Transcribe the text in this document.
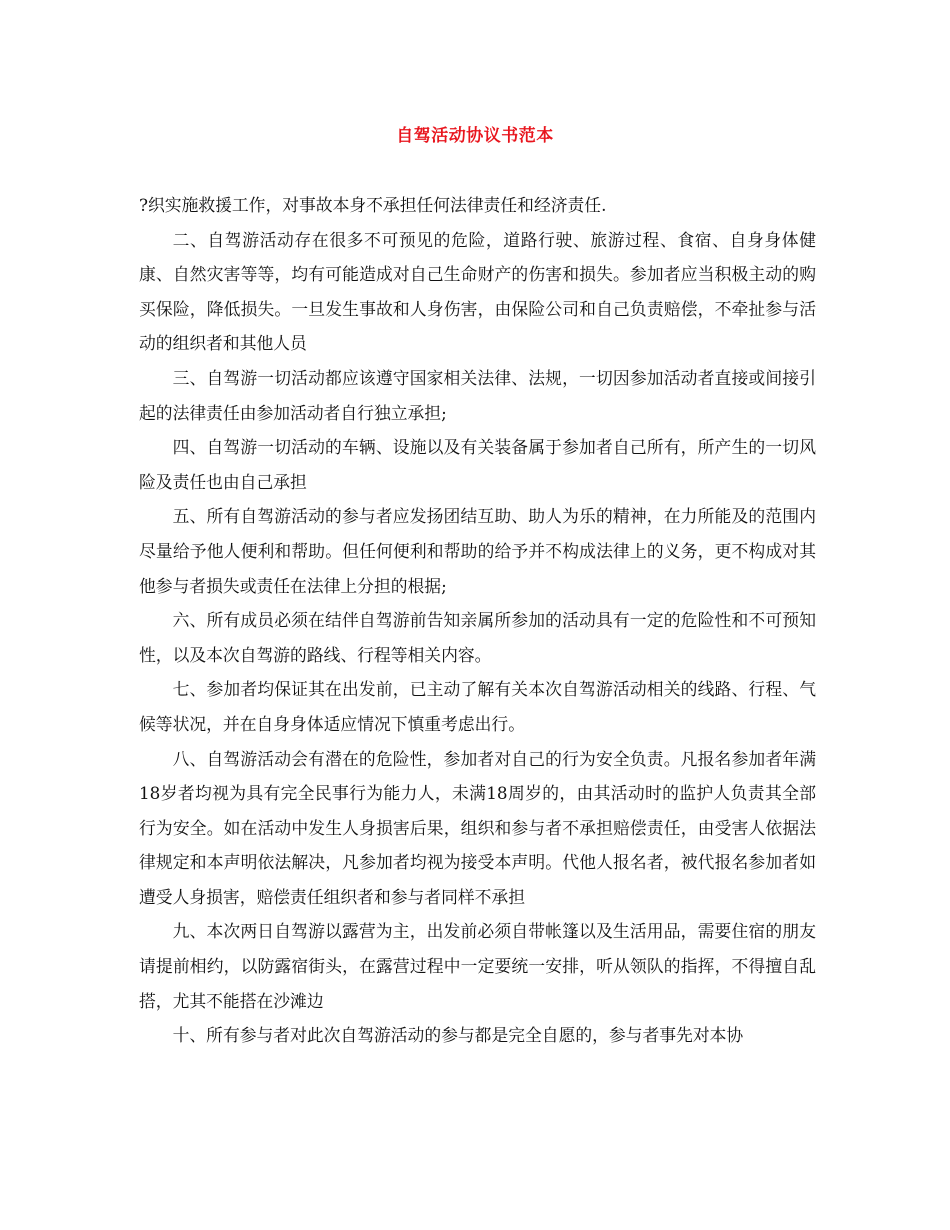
自驾活动协议书范本

?织实施救援工作，对事故本身不承担任何法律责任和经济责任.

二、自驾游活动存在很多不可预见的危险，道路行驶、旅游过程、食宿、自身身体健康、自然灾害等等，均有可能造成对自己生命财产的伤害和损失。参加者应当积极主动的购买保险，降低损失。一旦发生事故和人身伤害，由保险公司和自己负责赔偿，不牵扯参与活动的组织者和其他人员

三、自驾游一切活动都应该遵守国家相关法律、法规，一切因参加活动者直接或间接引起的法律责任由参加活动者自行独立承担;

四、自驾游一切活动的车辆、设施以及有关装备属于参加者自己所有，所产生的一切风险及责任也由自己承担

五、所有自驾游活动的参与者应发扬团结互助、助人为乐的精神，在力所能及的范围内尽量给予他人便利和帮助。但任何便利和帮助的给予并不构成法律上的义务，更不构成对其他参与者损失或责任在法律上分担的根据;

六、所有成员必须在结伴自驾游前告知亲属所参加的活动具有一定的危险性和不可预知性，以及本次自驾游的路线、行程等相关内容。

七、参加者均保证其在出发前，已主动了解有关本次自驾游活动相关的线路、行程、气候等状况，并在自身身体适应情况下慎重考虑出行。

八、自驾游活动会有潜在的危险性，参加者对自己的行为安全负责。凡报名参加者年满18岁者均视为具有完全民事行为能力人，未满18周岁的，由其活动时的监护人负责其全部行为安全。如在活动中发生人身损害后果，组织和参与者不承担赔偿责任，由受害人依据法律规定和本声明依法解决，凡参加者均视为接受本声明。代他人报名者，被代报名参加者如遭受人身损害，赔偿责任组织者和参与者同样不承担

九、本次两日自驾游以露营为主，出发前必须自带帐篷以及生活用品，需要住宿的朋友请提前相约，以防露宿街头，在露营过程中一定要统一安排，听从领队的指挥，不得擅自乱搭，尤其不能搭在沙滩边

十、所有参与者对此次自驾游活动的参与都是完全自愿的，参与者事先对本协
